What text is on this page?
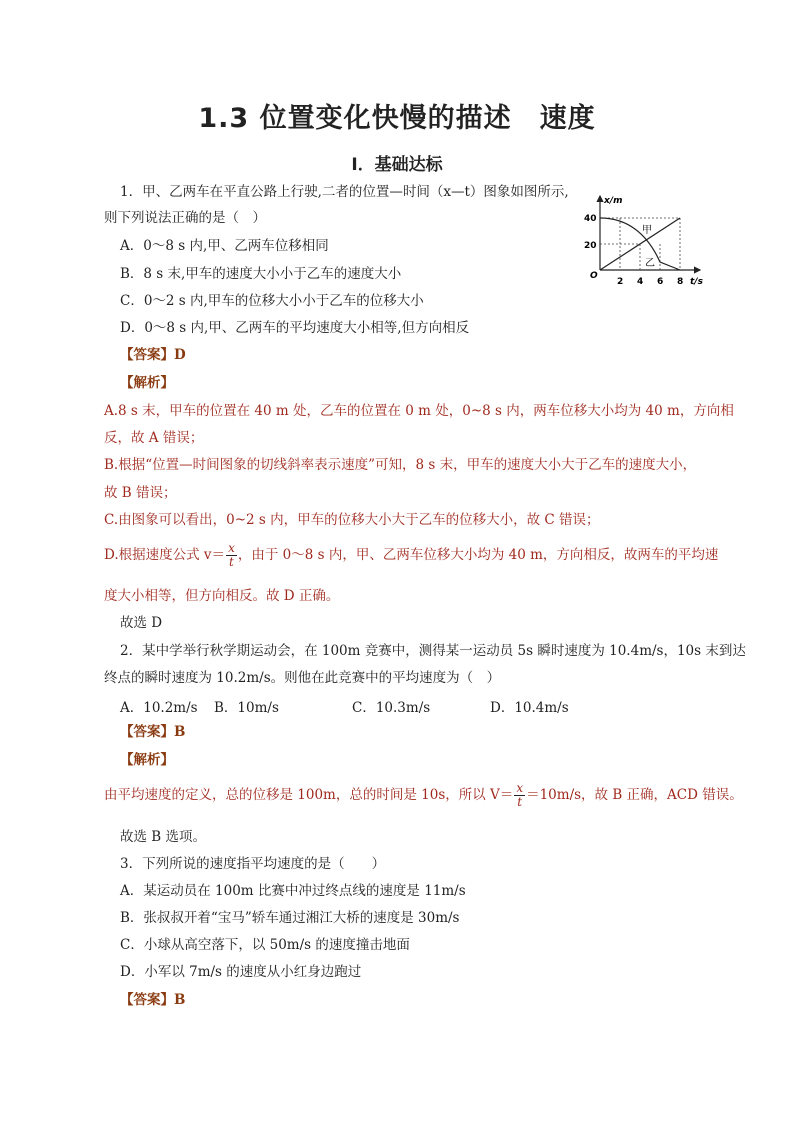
1.3 位置变化快慢的描述　速度
Ⅰ．基础达标
1．甲、乙两车在平直公路上行驶,二者的位置—时间（x—t）图象如图所示,
则下列说法正确的是（　）
A．0～8 s 内,甲、乙两车位移相同
B．8 s 末,甲车的速度大小小于乙车的速度大小
C．0～2 s 内,甲车的位移大小小于乙车的位移大小
D．0～8 s 内,甲、乙两车的平均速度大小相等,但方向相反
【答案】D
【解析】
A.8 s 末，甲车的位置在 40 m 处，乙车的位置在 0 m 处，0~8 s 内，两车位移大小均为 40 m，方向相
反，故 A 错误；
B.根据“位置—时间图象的切线斜率表示速度”可知，8 s 末，甲车的速度大小大于乙车的速度大小，
故 B 错误；
C.由图象可以看出，0~2 s 内，甲车的位移大小大于乙车的位移大小，故 C 错误；
D.根据速度公式 $v= \frac{x}{t}$ ，由于 0～8 s 内，甲、乙两车位移大小均为 40 m，方向相反，故两车的平均速
度大小相等，但方向相反。故 D 正确。
故选 D
x/m
t/s
O
40
20
2 4 6 8
甲
乙
2．某中学举行秋学期运动会，在 100m 竞赛中，测得某一运动员 5s 瞬时速度为 10.4m/s，10s 末到达
终点的瞬时速度为 10.2m/s。则他在此竞赛中的平均速度为（　）
A．10.2m/s B．10m/s	C．10.3m/s	D．10.4m/s
【答案】B
【解析】
由平均速度的定义，总的位移是 100m，总的时间是 10s，所以 $V= \frac{x}{t} =10m/s$，故 B 正确，ACD 错误。
故选 B 选项。
3．下列所说的速度指平均速度的是（　　）
A．某运动员在 100m 比赛中冲过终点线的速度是 11m/s
B．张叔叔开着“宝马”轿车通过湘江大桥的速度是 30m/s
C．小球从高空落下，以 50m/s 的速度撞击地面
D．小军以 7m/s 的速度从小红身边跑过
【答案】B
